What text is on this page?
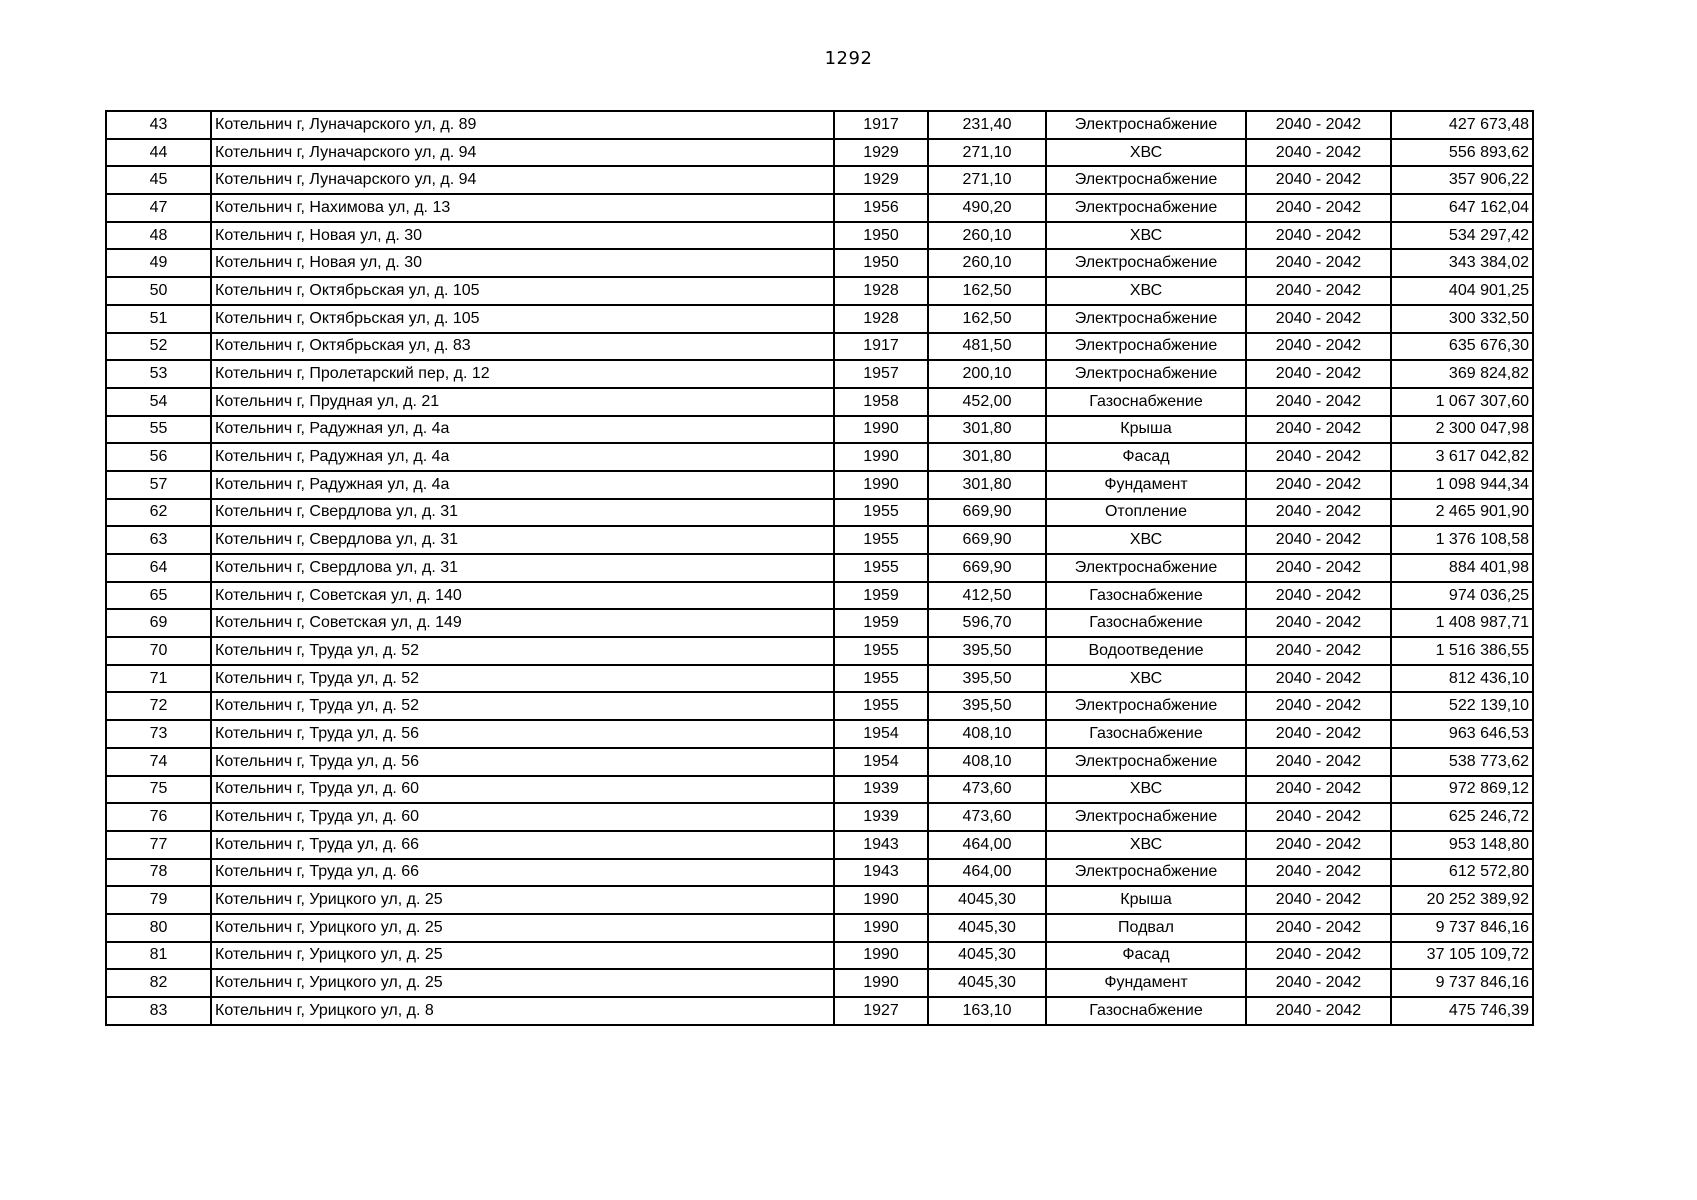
1292
43	Котельнич г, Луначарского ул, д. 89	1917	231,40	Электроснабжение	2040 - 2042	427 673,48
44	Котельнич г, Луначарского ул, д. 94	1929	271,10	ХВС	2040 - 2042	556 893,62
45	Котельнич г, Луначарского ул, д. 94	1929	271,10	Электроснабжение	2040 - 2042	357 906,22
47	Котельнич г, Нахимова ул, д. 13	1956	490,20	Электроснабжение	2040 - 2042	647 162,04
48	Котельнич г, Новая ул, д. 30	1950	260,10	ХВС	2040 - 2042	534 297,42
49	Котельнич г, Новая ул, д. 30	1950	260,10	Электроснабжение	2040 - 2042	343 384,02
50	Котельнич г, Октябрьская ул, д. 105	1928	162,50	ХВС	2040 - 2042	404 901,25
51	Котельнич г, Октябрьская ул, д. 105	1928	162,50	Электроснабжение	2040 - 2042	300 332,50
52	Котельнич г, Октябрьская ул, д. 83	1917	481,50	Электроснабжение	2040 - 2042	635 676,30
53	Котельнич г, Пролетарский пер, д. 12	1957	200,10	Электроснабжение	2040 - 2042	369 824,82
54	Котельнич г, Прудная ул, д. 21	1958	452,00	Газоснабжение	2040 - 2042	1 067 307,60
55	Котельнич г, Радужная ул, д. 4а	1990	301,80	Крыша	2040 - 2042	2 300 047,98
56	Котельнич г, Радужная ул, д. 4а	1990	301,80	Фасад	2040 - 2042	3 617 042,82
57	Котельнич г, Радужная ул, д. 4а	1990	301,80	Фундамент	2040 - 2042	1 098 944,34
62	Котельнич г, Свердлова ул, д. 31	1955	669,90	Отопление	2040 - 2042	2 465 901,90
63	Котельнич г, Свердлова ул, д. 31	1955	669,90	ХВС	2040 - 2042	1 376 108,58
64	Котельнич г, Свердлова ул, д. 31	1955	669,90	Электроснабжение	2040 - 2042	884 401,98
65	Котельнич г, Советская ул, д. 140	1959	412,50	Газоснабжение	2040 - 2042	974 036,25
69	Котельнич г, Советская ул, д. 149	1959	596,70	Газоснабжение	2040 - 2042	1 408 987,71
70	Котельнич г, Труда ул, д. 52	1955	395,50	Водоотведение	2040 - 2042	1 516 386,55
71	Котельнич г, Труда ул, д. 52	1955	395,50	ХВС	2040 - 2042	812 436,10
72	Котельнич г, Труда ул, д. 52	1955	395,50	Электроснабжение	2040 - 2042	522 139,10
73	Котельнич г, Труда ул, д. 56	1954	408,10	Газоснабжение	2040 - 2042	963 646,53
74	Котельнич г, Труда ул, д. 56	1954	408,10	Электроснабжение	2040 - 2042	538 773,62
75	Котельнич г, Труда ул, д. 60	1939	473,60	ХВС	2040 - 2042	972 869,12
76	Котельнич г, Труда ул, д. 60	1939	473,60	Электроснабжение	2040 - 2042	625 246,72
77	Котельнич г, Труда ул, д. 66	1943	464,00	ХВС	2040 - 2042	953 148,80
78	Котельнич г, Труда ул, д. 66	1943	464,00	Электроснабжение	2040 - 2042	612 572,80
79	Котельнич г, Урицкого ул, д. 25	1990	4045,30	Крыша	2040 - 2042	20 252 389,92
80	Котельнич г, Урицкого ул, д. 25	1990	4045,30	Подвал	2040 - 2042	9 737 846,16
81	Котельнич г, Урицкого ул, д. 25	1990	4045,30	Фасад	2040 - 2042	37 105 109,72
82	Котельнич г, Урицкого ул, д. 25	1990	4045,30	Фундамент	2040 - 2042	9 737 846,16
83	Котельнич г, Урицкого ул, д. 8	1927	163,10	Газоснабжение	2040 - 2042	475 746,39
